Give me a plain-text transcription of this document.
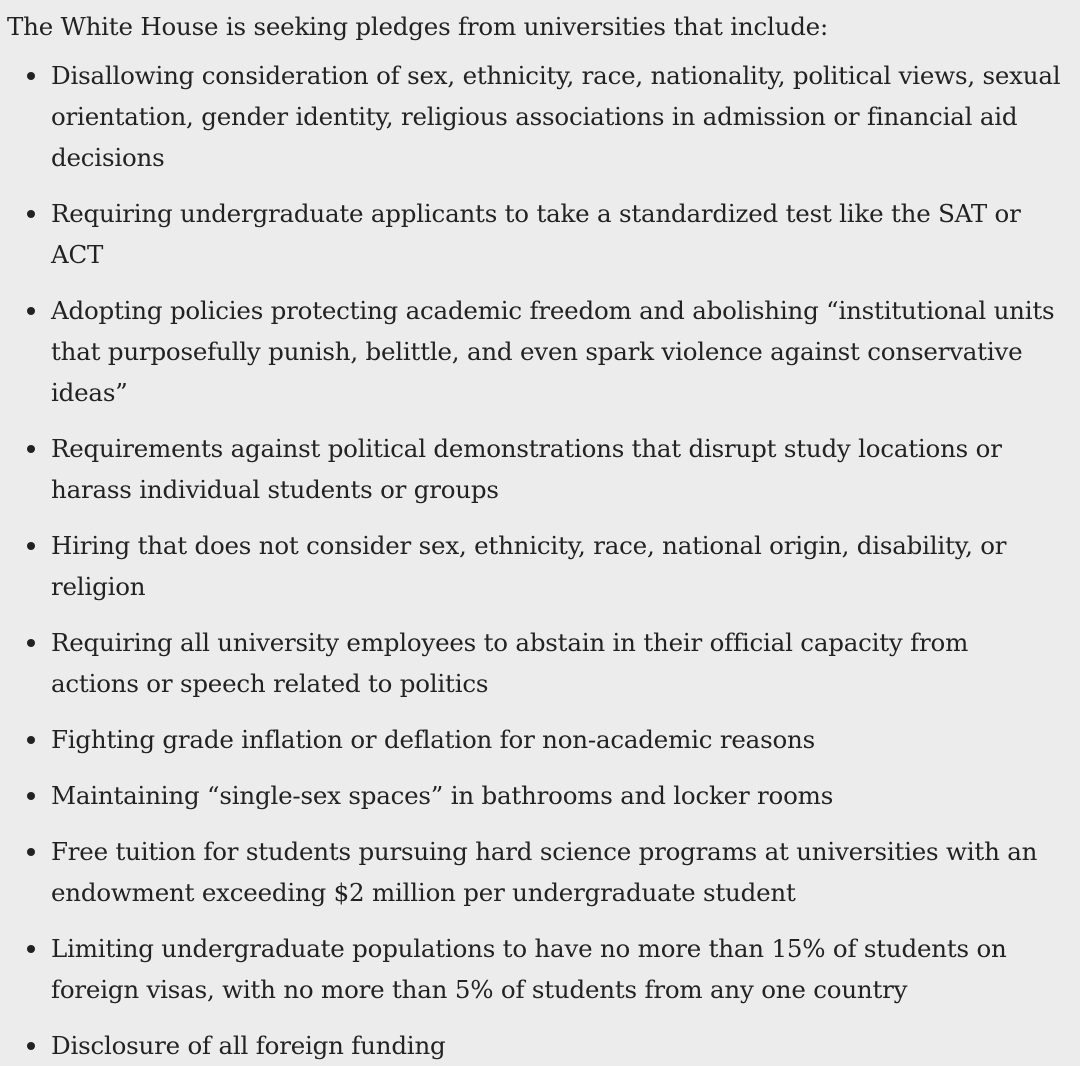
The White House is seeking pledges from universities that include:

Disallowing consideration of sex, ethnicity, race, nationality, political views, sexual orientation, gender identity, religious associations in admission or financial aid decisions
Requiring undergraduate applicants to take a standardized test like the SAT or ACT
Adopting policies protecting academic freedom and abolishing “institutional units that purposefully punish, belittle, and even spark violence against conservative ideas”
Requirements against political demonstrations that disrupt study locations or harass individual students or groups
Hiring that does not consider sex, ethnicity, race, national origin, disability, or religion
Requiring all university employees to abstain in their official capacity from actions or speech related to politics
Fighting grade inflation or deflation for non-academic reasons
Maintaining “single-sex spaces” in bathrooms and locker rooms
Free tuition for students pursuing hard science programs at universities with an endowment exceeding $2 million per undergraduate student
Limiting undergraduate populations to have no more than 15% of students on foreign visas, with no more than 5% of students from any one country
Disclosure of all foreign funding
